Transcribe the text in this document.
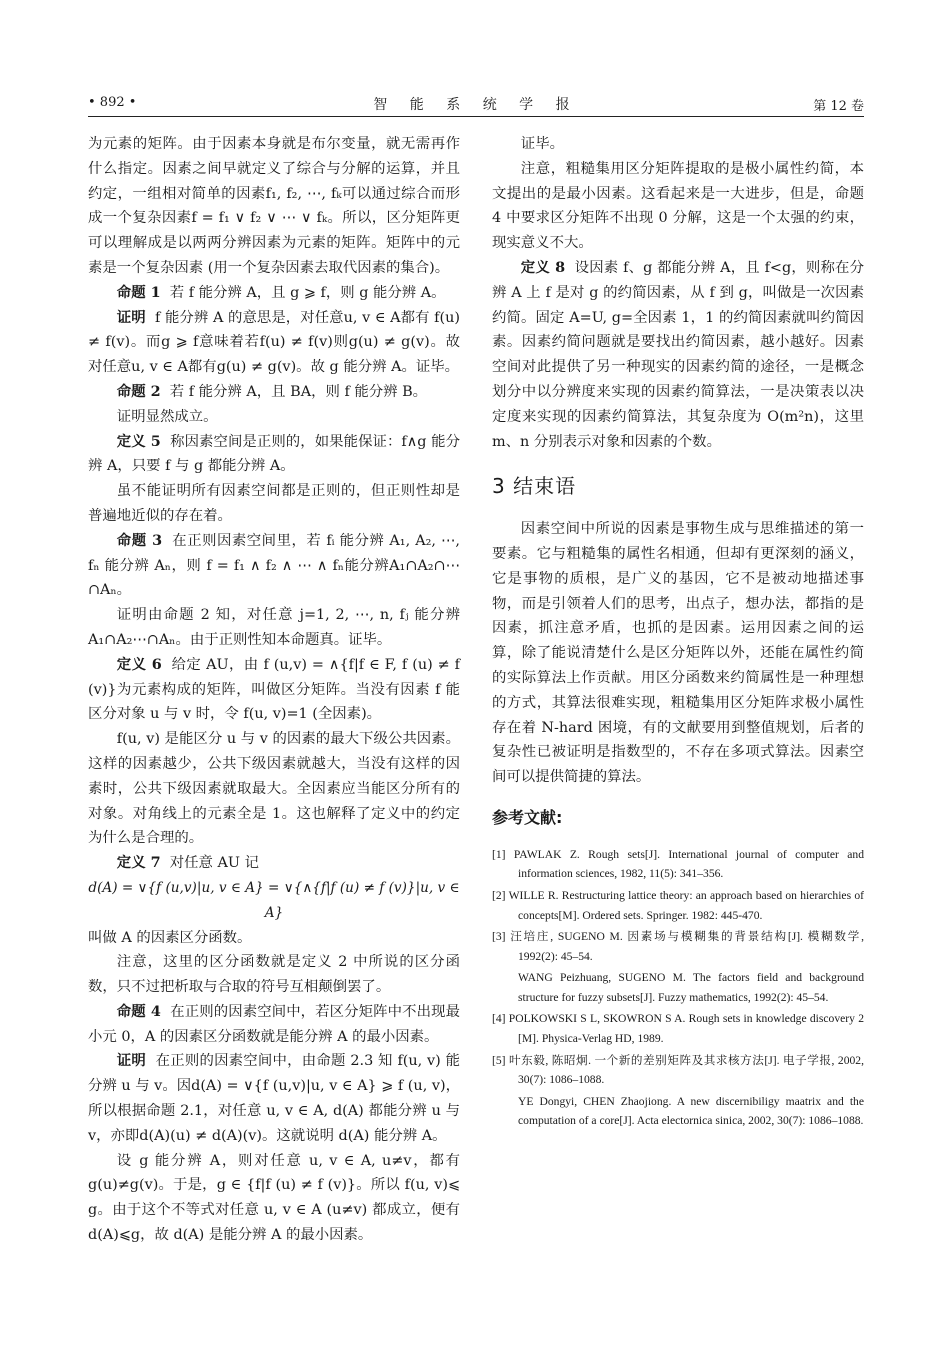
• 892 •	智 能 系 统 学 报	第 12 卷

为元素的矩阵。由于因素本身就是布尔变量，就无需再作什么指定。因素之间早就定义了综合与分解的运算，并且约定，一组相对简单的因素f₁, f₂, ⋯, fₖ可以通过综合而形成一个复杂因素f = f₁ ∨ f₂ ∨ ⋯ ∨ fₖ。所以，区分矩阵更可以理解成是以两两分辨因素为元素的矩阵。矩阵中的元素是一个复杂因素 (用一个复杂因素去取代因素的集合)。

命题 1 若 f 能分辨 A，且 g ⩾ f，则 g 能分辨 A。

证明 f 能分辨 A 的意思是，对任意u, v ∈ A都有 f(u) ≠ f(v)。而g ⩾ f意味着若f(u) ≠ f(v)则g(u) ≠ g(v)。故对任意u, v ∈ A都有g(u) ≠ g(v)。故 g 能分辨 A。证毕。

命题 2 若 f 能分辨 A，且 BA，则 f 能分辨 B。

证明显然成立。

定义 5 称因素空间是正则的，如果能保证：f∧g 能分辨 A，只要 f 与 g 都能分辨 A。

虽不能证明所有因素空间都是正则的，但正则性却是普遍地近似的存在着。

命题 3 在正则因素空间里，若 fᵢ 能分辨 A₁, A₂, ⋯, fₙ 能分辨 Aₙ，则 f = f₁ ∧ f₂ ∧ ⋯ ∧ fₙ能分辨A₁∩A₂∩⋯∩Aₙ。

证明由命题 2 知，对任意 j=1, 2, ⋯, n, fⱼ 能分辨 A₁∩A₂⋯∩Aₙ。由于正则性知本命题真。证毕。

定义 6 给定 AU，由 f (u,v) = ∧{f|f ∈ F, f (u) ≠ f (v)}为元素构成的矩阵，叫做区分矩阵。当没有因素 f 能区分对象 u 与 v 时，令 f(u, v)=1 (全因素)。

f(u, v) 是能区分 u 与 v 的因素的最大下级公共因素。这样的因素越少，公共下级因素就越大，当没有这样的因素时，公共下级因素就取最大。全因素应当能区分所有的对象。对角线上的元素全是 1。这也解释了定义中的约定为什么是合理的。

定义 7 对任意 AU 记

d(A) = ∨{f (u,v)|u, v ∈ A} = ∨{∧{f|f (u) ≠ f (v)}|u, v ∈ A}

叫做 A 的因素区分函数。

注意，这里的区分函数就是定义 2 中所说的区分函数，只不过把析取与合取的符号互相颠倒罢了。

命题 4 在正则的因素空间中，若区分矩阵中不出现最小元 0，A 的因素区分函数就是能分辨 A 的最小因素。

证明 在正则的因素空间中，由命题 2.3 知 f(u, v) 能分辨 u 与 v。因d(A) = ∨{f (u,v)|u, v ∈ A} ⩾ f (u, v)，所以根据命题 2.1，对任意 u, v ∈ A, d(A) 都能分辨 u 与 v，亦即d(A)(u) ≠ d(A)(v)。这就说明 d(A) 能分辨 A。

设 g 能分辨 A，则对任意 u, v ∈ A, u≠v，都有 g(u)≠g(v)。于是，g ∈ {f|f (u) ≠ f (v)}。所以 f(u, v)⩽ g。由于这个不等式对任意 u, v ∈ A (u≠v) 都成立，便有 d(A)⩽g，故 d(A) 是能分辨 A 的最小因素。

证毕。

注意，粗糙集用区分矩阵提取的是极小属性约简，本文提出的是最小因素。这看起来是一大进步，但是，命题 4 中要求区分矩阵不出现 0 分解，这是一个太强的约束，现实意义不大。

定义 8 设因素 f、g 都能分辨 A，且 f<g，则称在分辨 A 上 f 是对 g 的约简因素，从 f 到 g，叫做是一次因素约简。固定 A=U, g=全因素 1，1 的约简因素就叫约简因素。因素约简问题就是要找出约简因素，越小越好。因素空间对此提供了另一种现实的因素约简的途径，一是概念划分中以分辨度来实现的因素约简算法，一是决策表以决定度来实现的因素约简算法，其复杂度为 O(m²n)，这里 m、n 分别表示对象和因素的个数。

3 结束语

因素空间中所说的因素是事物生成与思维描述的第一要素。它与粗糙集的属性名相通，但却有更深刻的涵义，它是事物的质根，是广义的基因，它不是被动地描述事物，而是引领着人们的思考，出点子，想办法，都指的是因素，抓注意矛盾，也抓的是因素。运用因素之间的运算，除了能说清楚什么是区分矩阵以外，还能在属性约简的实际算法上作贡献。用区分函数来约简属性是一种理想的方式，其算法很难实现，粗糙集用区分矩阵求极小属性存在着 N-hard 困境，有的文献要用到整值规划，后者的复杂性已被证明是指数型的，不存在多项式算法。因素空间可以提供简捷的算法。

参考文献:
[1] PAWLAK Z. Rough sets[J]. International journal of computer and information sciences, 1982, 11(5): 341–356.
[2] WILLE R. Restructuring lattice theory: an approach based on hierarchies of concepts[M]. Ordered sets. Springer. 1982: 445-470.
[3] 汪培庄, SUGENO M. 因素场与模糊集的背景结构[J]. 模糊数学, 1992(2): 45–54.
WANG Peizhuang, SUGENO M. The factors field and background structure for fuzzy subsets[J]. Fuzzy mathematics, 1992(2): 45–54.
[4] POLKOWSKI S L, SKOWRON S A. Rough sets in knowledge discovery 2 [M]. Physica-Verlag HD, 1989.
[5] 叶东毅, 陈昭炯. 一个新的差别矩阵及其求核方法[J]. 电子学报, 2002, 30(7): 1086–1088.
YE Dongyi, CHEN Zhaojiong. A new discernibiligy maatrix and the computation of a core[J]. Acta electornica sinica, 2002, 30(7): 1086–1088.
